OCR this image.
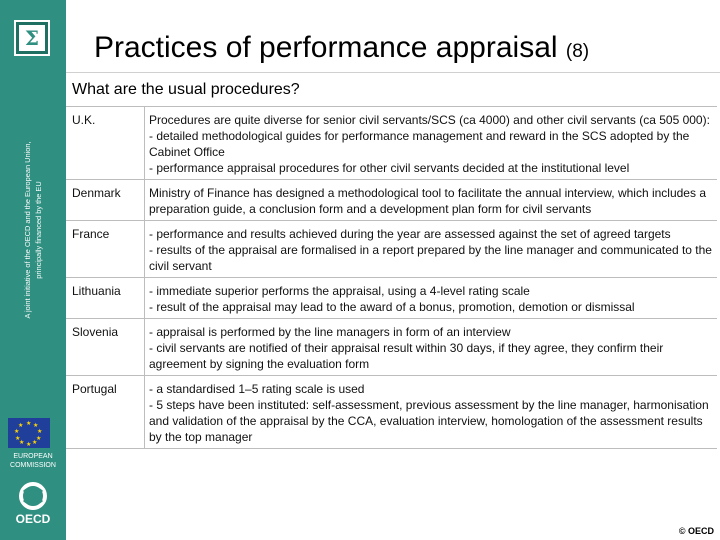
Σ
A joint initiative of the OECD and the European Union, principally financed by the EU
★ ★
★
★
★
★
★
★
★
★
EUROPEAN
COMMISSION
OECD
Practices of performance appraisal (8)
What are the usual procedures?
U.K.	Procedures are quite diverse for senior civil servants/SCS (ca 4000) and other civil servants (ca 505 000):
- detailed methodological guides for performance management and reward in the SCS adopted by the Cabinet Office
- performance appraisal procedures for other civil servants decided at the institutional level

Denmark	Ministry of Finance has designed a methodological tool to facilitate the annual interview, which includes a preparation guide, a conclusion form and a development plan form for civil servants

France	- performance and results achieved during the year are assessed against the set of agreed targets
- results of the appraisal are formalised in a report prepared by the line manager and communicated to the civil servant

Lithuania	- immediate superior performs the appraisal, using a 4-level rating scale
- result of the appraisal may lead to the award of a bonus, promotion, demotion or dismissal

Slovenia	- appraisal is performed by the line managers in form of an interview
- civil servants are notified of their appraisal result within 30 days, if they agree, they confirm their agreement by signing the evaluation form

Portugal	- a standardised 1–5 rating scale is used
- 5 steps have been instituted: self-assessment, previous assessment by the line manager, harmonisation and validation of the appraisal by the CCA, evaluation interview, homologation of the assessment results by the top manager
© OECD
